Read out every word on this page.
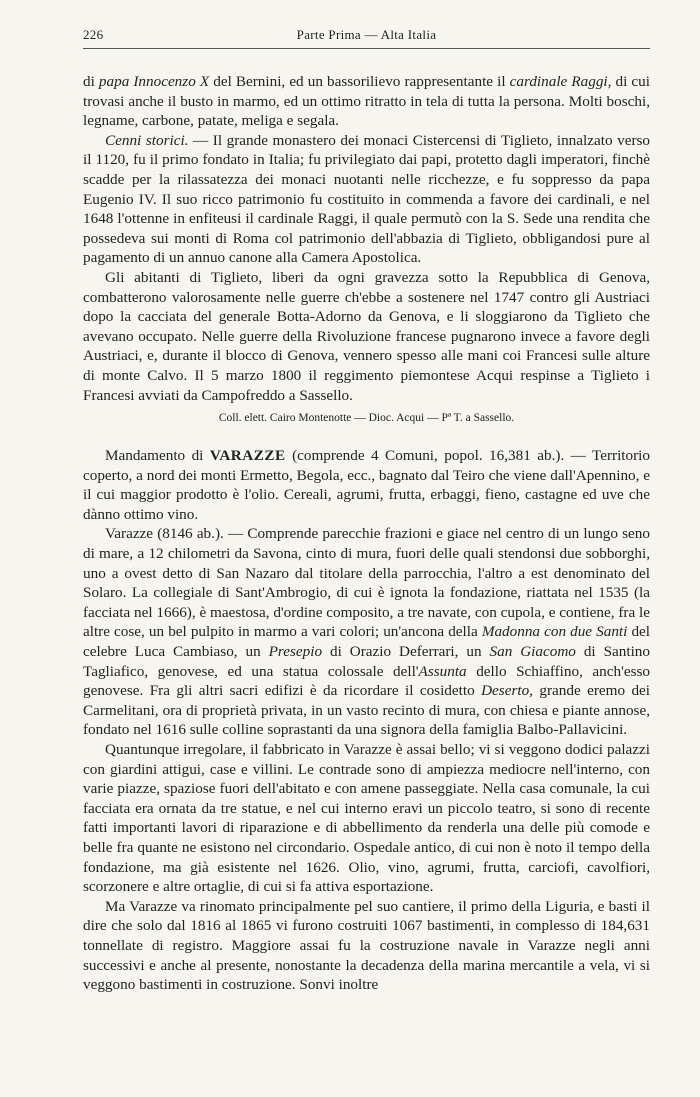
226	Parte Prima — Alta Italia

di papa Innocenzo X del Bernini, ed un bassorilievo rappresentante il cardinale Raggi, di cui trovasi anche il busto in marmo, ed un ottimo ritratto in tela di tutta la persona. Molti boschi, legname, carbone, patate, meliga e segala.

Cenni storici. — Il grande monastero dei monaci Cistercensi di Tiglieto, innalzato verso il 1120, fu il primo fondato in Italia; fu privilegiato dai papi, protetto dagli imperatori, finchè scadde per la rilassatezza dei monaci nuotanti nelle ricchezze, e fu soppresso da papa Eugenio IV. Il suo ricco patrimonio fu costituito in commenda a favore dei cardinali, e nel 1648 l'ottenne in enfiteusi il cardinale Raggi, il quale permutò con la S. Sede una rendita che possedeva sui monti di Roma col patrimonio dell'abbazia di Tiglieto, obbligandosi pure al pagamento di un annuo canone alla Camera Apostolica.

Gli abitanti di Tiglieto, liberi da ogni gravezza sotto la Repubblica di Genova, combatterono valorosamente nelle guerre ch'ebbe a sostenere nel 1747 contro gli Austriaci dopo la cacciata del generale Botta-Adorno da Genova, e li sloggiarono da Tiglieto che avevano occupato. Nelle guerre della Rivoluzione francese pugnarono invece a favore degli Austriaci, e, durante il blocco di Genova, vennero spesso alle mani coi Francesi sulle alture di monte Calvo. Il 5 marzo 1800 il reggimento piemontese Acqui respinse a Tiglieto i Francesi avviati da Campofreddo a Sassello.

Coll. elett. Cairo Montenotte — Dioc. Acqui — Pª T. a Sassello.

Mandamento di VARAZZE (comprende 4 Comuni, popol. 16,381 ab.). — Territorio coperto, a nord dei monti Ermetto, Begola, ecc., bagnato dal Teiro che viene dall'Apennino, e il cui maggior prodotto è l'olio. Cereali, agrumi, frutta, erbaggi, fieno, castagne ed uve che dànno ottimo vino.

Varazze (8146 ab.). — Comprende parecchie frazioni e giace nel centro di un lungo seno di mare, a 12 chilometri da Savona, cinto di mura, fuori delle quali stendonsi due sobborghi, uno a ovest detto di San Nazaro dal titolare della parrocchia, l'altro a est denominato del Solaro. La collegiale di Sant'Ambrogio, di cui è ignota la fondazione, riattata nel 1535 (la facciata nel 1666), è maestosa, d'ordine composito, a tre navate, con cupola, e contiene, fra le altre cose, un bel pulpito in marmo a vari colori; un'ancona della Madonna con due Santi del celebre Luca Cambiaso, un Presepio di Orazio Deferrari, un San Giacomo di Santino Tagliafico, genovese, ed una statua colossale dell'Assunta dello Schiaffino, anch'esso genovese. Fra gli altri sacri edifizi è da ricordare il cosidetto Deserto, grande eremo dei Carmelitani, ora di proprietà privata, in un vasto recinto di mura, con chiesa e piante annose, fondato nel 1616 sulle colline soprastanti da una signora della famiglia Balbo-Pallavicini.

Quantunque irregolare, il fabbricato in Varazze è assai bello; vi si veggono dodici palazzi con giardini attigui, case e villini. Le contrade sono di ampiezza mediocre nell'interno, con varie piazze, spaziose fuori dell'abitato e con amene passeggiate. Nella casa comunale, la cui facciata era ornata da tre statue, e nel cui interno eravi un piccolo teatro, si sono di recente fatti importanti lavori di riparazione e di abbellimento da renderla una delle più comode e belle fra quante ne esistono nel circondario. Ospedale antico, di cui non è noto il tempo della fondazione, ma già esistente nel 1626. Olio, vino, agrumi, frutta, carciofi, cavolfiori, scorzonere e altre ortaglie, di cui si fa attiva esportazione.

Ma Varazze va rinomato principalmente pel suo cantiere, il primo della Liguria, e basti il dire che solo dal 1816 al 1865 vi furono costruiti 1067 bastimenti, in complesso di 184,631 tonnellate di registro. Maggiore assai fu la costruzione navale in Varazze negli anni successivi e anche al presente, nonostante la decadenza della marina mercantile a vela, vi si veggono bastimenti in costruzione. Sonvi inoltre
